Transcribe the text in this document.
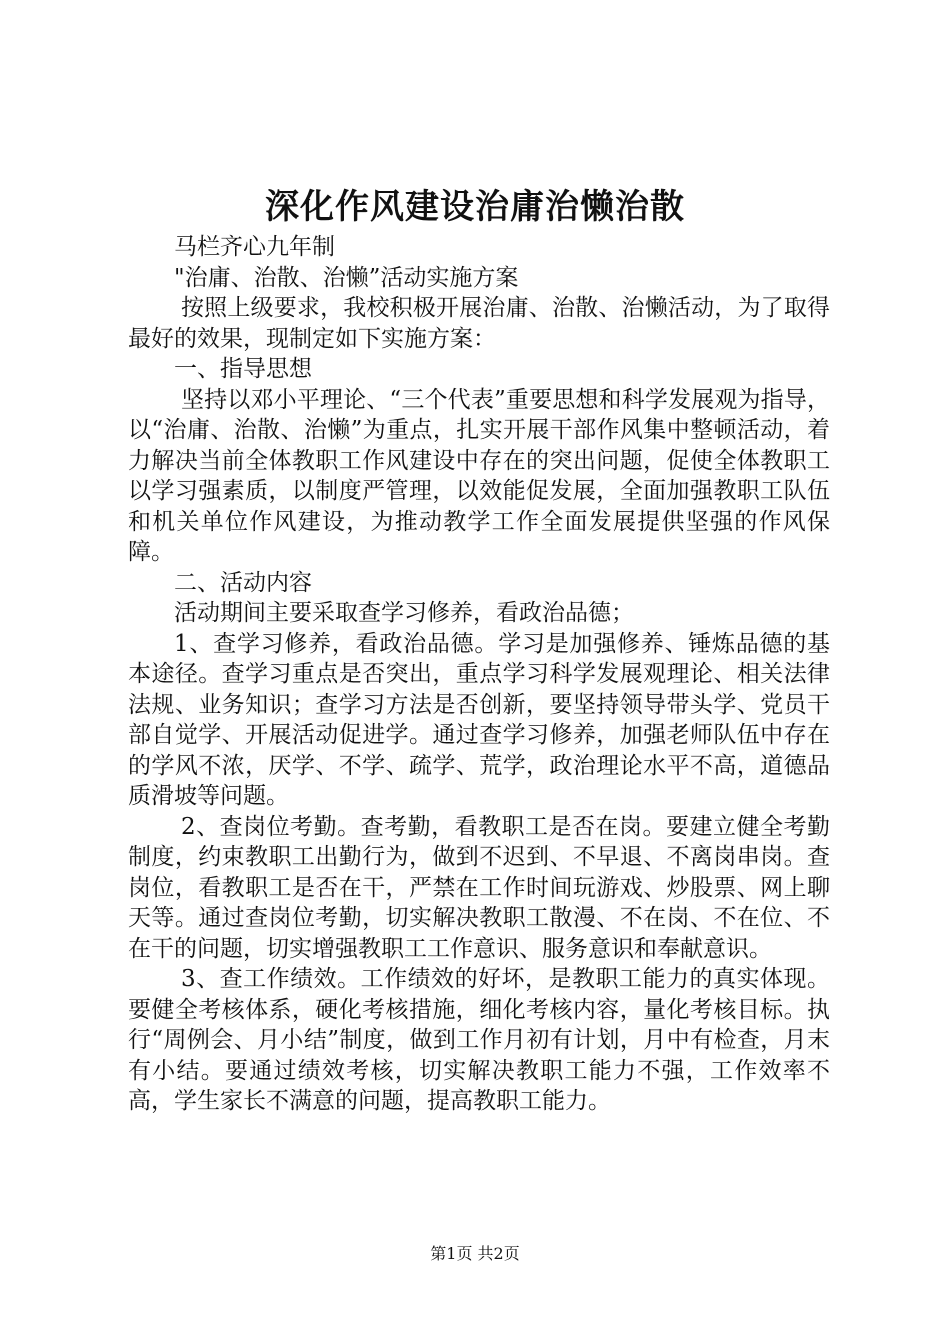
深化作风建设治庸治懒治散

马栏齐心九年制

"治庸、治散、治懒”活动实施方案

按照上级要求，我校积极开展治庸、治散、治懒活动，为了取得最好的效果，现制定如下实施方案：

一、指导思想

坚持以邓小平理论、“三个代表”重要思想和科学发展观为指导，以“治庸、治散、治懒”为重点，扎实开展干部作风集中整顿活动，着力解决当前全体教职工作风建设中存在的突出问题，促使全体教职工以学习强素质，以制度严管理，以效能促发展，全面加强教职工队伍和机关单位作风建设，为推动教学工作全面发展提供坚强的作风保障。

二、活动内容

活动期间主要采取查学习修养，看政治品德；

1、查学习修养，看政治品德。学习是加强修养、锤炼品德的基本途径。查学习重点是否突出，重点学习科学发展观理论、相关法律法规、业务知识；查学习方法是否创新，要坚持领导带头学、党员干部自觉学、开展活动促进学。通过查学习修养，加强老师队伍中存在的学风不浓，厌学、不学、疏学、荒学，政治理论水平不高，道德品质滑坡等问题。

2、查岗位考勤。查考勤，看教职工是否在岗。要建立健全考勤制度，约束教职工出勤行为，做到不迟到、不早退、不离岗串岗。查岗位，看教职工是否在干，严禁在工作时间玩游戏、炒股票、网上聊天等。通过查岗位考勤，切实解决教职工散漫、不在岗、不在位、不在干的问题，切实增强教职工工作意识、服务意识和奉献意识。

3、查工作绩效。工作绩效的好坏，是教职工能力的真实体现。要健全考核体系，硬化考核措施，细化考核内容，量化考核目标。执行“周例会、月小结”制度，做到工作月初有计划，月中有检查，月末有小结。要通过绩效考核，切实解决教职工能力不强，工作效率不高，学生家长不满意的问题，提高教职工能力。

第1页 共2页
